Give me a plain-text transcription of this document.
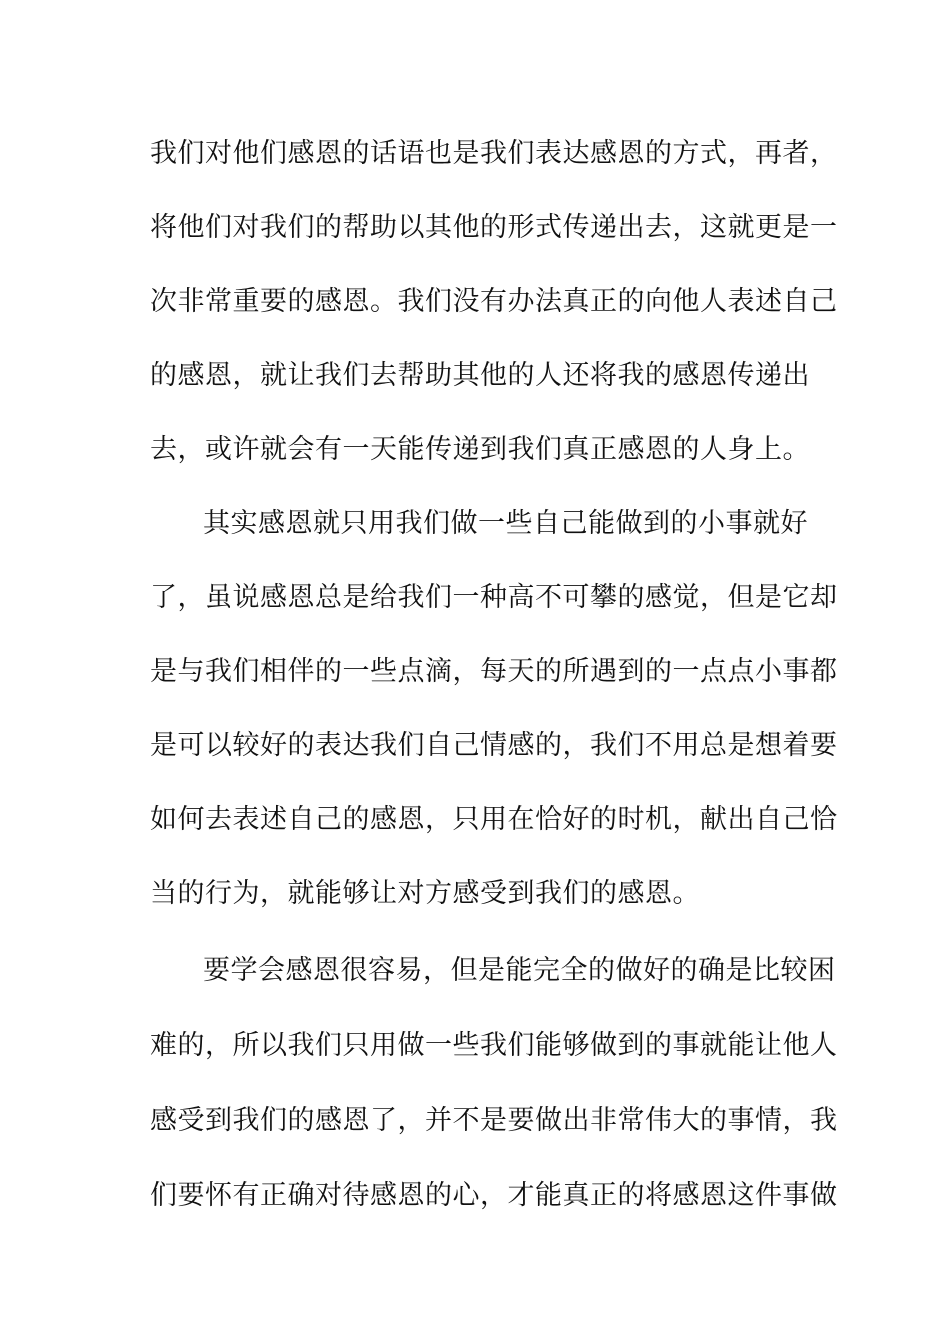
我们对他们感恩的话语也是我们表达感恩的方式，再者，
将他们对我们的帮助以其他的形式传递出去，这就更是一
次非常重要的感恩。我们没有办法真正的向他人表述自己
的感恩，就让我们去帮助其他的人还将我的感恩传递出
去，或许就会有一天能传递到我们真正感恩的人身上。
其实感恩就只用我们做一些自己能做到的小事就好
了，虽说感恩总是给我们一种高不可攀的感觉，但是它却
是与我们相伴的一些点滴，每天的所遇到的一点点小事都
是可以较好的表达我们自己情感的，我们不用总是想着要
如何去表述自己的感恩，只用在恰好的时机，献出自己恰
当的行为，就能够让对方感受到我们的感恩。
要学会感恩很容易，但是能完全的做好的确是比较困
难的，所以我们只用做一些我们能够做到的事就能让他人
感受到我们的感恩了，并不是要做出非常伟大的事情，我
们要怀有正确对待感恩的心，才能真正的将感恩这件事做
